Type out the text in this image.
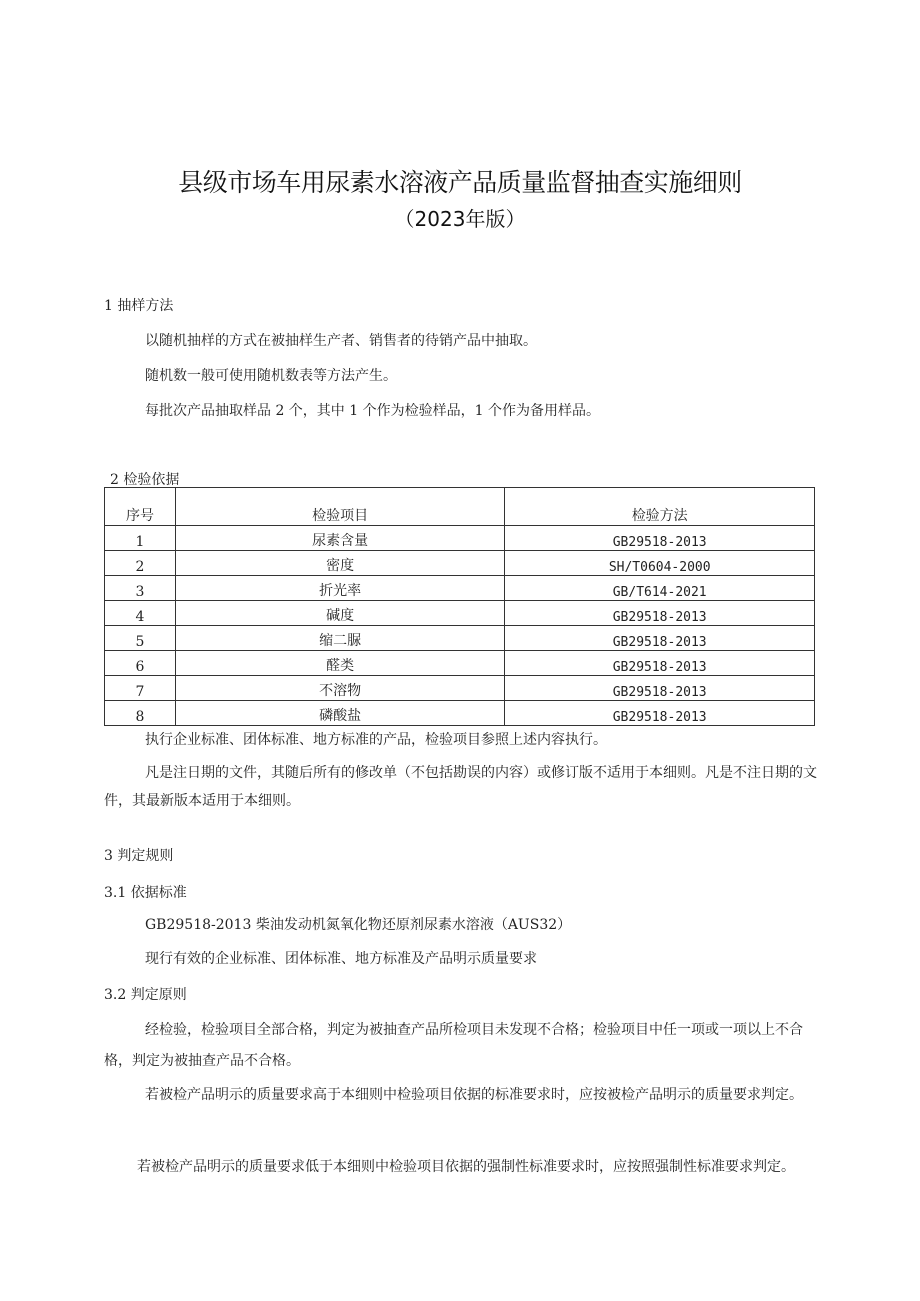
县级市场车用尿素水溶液产品质量监督抽查实施细则
（2023年版）
1 抽样方法
以随机抽样的方式在被抽样生产者、销售者的待销产品中抽取。
随机数一般可使用随机数表等方法产生。
每批次产品抽取样品 2 个，其中 1 个作为检验样品，1 个作为备用样品。
2 检验依据
序号	检验项目	检验方法
1	尿素含量	GB29518-2013
2	密度	SH/T0604-2000
3	折光率	GB/T614-2021
4	碱度	GB29518-2013
5	缩二脲	GB29518-2013
6	醛类	GB29518-2013
7	不溶物	GB29518-2013
8	磷酸盐	GB29518-2013
执行企业标准、团体标准、地方标准的产品，检验项目参照上述内容执行。
凡是注日期的文件，其随后所有的修改单（不包括勘误的内容）或修订版不适用于本细则。凡是不注日期的文件，其最新版本适用于本细则。
3 判定规则
3.1 依据标准
GB29518-2013 柴油发动机氮氧化物还原剂尿素水溶液（AUS32）
现行有效的企业标准、团体标准、地方标准及产品明示质量要求
3.2 判定原则
经检验，检验项目全部合格，判定为被抽查产品所检项目未发现不合格；检验项目中任一项或一项以上不合格，判定为被抽查产品不合格。
若被检产品明示的质量要求高于本细则中检验项目依据的标准要求时，应按被检产品明示的质量要求判定。
若被检产品明示的质量要求低于本细则中检验项目依据的强制性标准要求时，应按照强制性标准要求判定。
